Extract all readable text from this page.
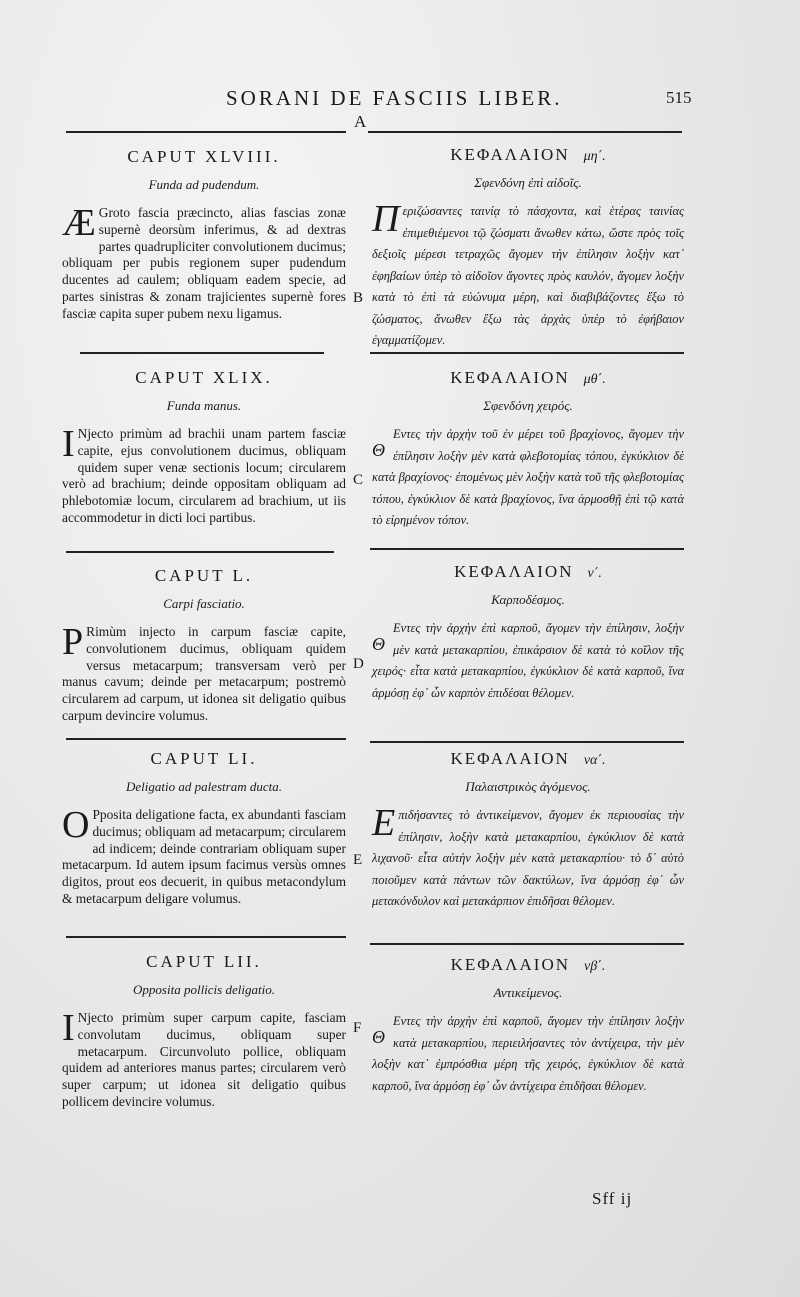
SORANI DE FASCIIS LIBER.	515
A

CAPUT XLVIII.

Funda ad pudendum.

Æ Groto fascia præcincto, alias fascias zonæ supernè deorsùm inferimus, & ad dextras partes quadrupliciter convolutionem ducimus; obliquam per pubis regionem super pudendum ducentes ad caulem; obliquam eadem specie, ad partes sinistras & zonam trajicientes supernè fores fasciæ capita super pubem nexu ligamus.

CAPUT XLIX.

Funda manus.

I Njecto primùm ad brachii unam partem fasciæ capite, ejus convolutionem ducimus, obliquam quidem super venæ sectionis locum; circularem verò ad brachium; deinde oppositam obliquam ad phlebotomiæ locum, circularem ad brachium, ut iis accommodetur in dicti loci partibus.

CAPUT L.

Carpi fasciatio.

P Rimùm injecto in carpum fasciæ capite, convolutionem ducimus, obliquam quidem versus metacarpum; transversam verò per manus cavum; deinde per metacarpum; postremò circularem ad carpum, ut idonea sit deligatio quibus carpum devincire volumus.

CAPUT LI.

Deligatio ad palestram ducta.

O Pposita deligatione facta, ex abundanti fasciam ducimus; obliquam ad metacarpum; circularem ad indicem; deinde contrariam obliquam super metacarpum. Id autem ipsum facimus versùs omnes digitos, prout eos decuerit, in quibus metacondylum & metacarpum deligare volumus.

CAPUT LII.

Opposita pollicis deligatio.

I Njecto primùm super carpum capite, fasciam convolutam ducimus, obliquam super metacarpum. Circunvoluto pollice, obliquam quidem ad anteriores manus partes; circularem verò super carpum; ut idonea sit deligatio quibus pollicem devincire volumus.

B
C
D
E
F

ΚΕΦΑΛΑΙΟΝ μη΄.

Σφενδόνη ἐπὶ αἰδοῖς.

Περιζώσαντες ταινίᾳ τὸ πάσχοντα, καὶ ἑτέρας ταινίας ἐπιμεθιέμενοι τῷ ζώσματι ἄνωθεν κάτω, ὥστε πρὸς τοῖς δεξιοῖς μέρεσι τετραχῶς ἄγομεν τὴν ἐπίλησιν λοξὴν κατ᾽ ἐφηβαίων ὑπὲρ τὸ αἰδοῖον ἄγοντες πρὸς καυλόν, ἄγομεν λοξὴν κατὰ τὸ ἐπὶ τὰ εὐώνυμα μέρη, καὶ διαβιβάζοντες ἔξω τὸ ζώσματος, ἄνωθεν ἔξω τὰς ἀρχὰς ὑπὲρ τὸ ἐφήβαιον ἐγαμματίζομεν.

ΚΕΦΑΛΑΙΟΝ μθ΄.

Σφενδόνη χειρός.

Θ
Εντες τὴν ἀρχὴν τοῦ ἐν μέρει τοῦ βραχίονος, ἄγομεν τὴν ἐπίλησιν λοξὴν μὲν κατὰ φλεβοτομίας τόπου, ἐγκύκλιον δὲ κατὰ βραχίονος· ἐπομένως μὲν λοξὴν κατὰ τοῦ τῆς φλεβοτομίας τόπου, ἐγκύκλιον δὲ κατὰ βραχίονος, ἵνα ἁρμοσθῇ ἐπὶ τῷ κατὰ τὸ εἰρημένον τόπον.

ΚΕΦΑΛΑΙΟΝ ν΄.

Καρποδέσμος.

Θ
Εντες τὴν ἀρχὴν ἐπὶ καρποῦ, ἄγομεν τὴν ἐπίλησιν, λοξὴν μὲν κατὰ μετακαρπίου, ἐπικάρσιον δὲ κατὰ τὸ κοῖλον τῆς χειρός· εἶτα κατὰ μετακαρπίου, ἐγκύκλιον δὲ κατὰ καρποῦ, ἵνα ἁρμόσῃ ἐφ᾽ ὧν καρπὸν ἐπιδέσαι θέλομεν.

ΚΕΦΑΛΑΙΟΝ να΄.

Παλαιστρικὸς ἀγόμενος.

Επιδήσαντες τὸ ἀντικείμενον, ἄγομεν ἐκ περιουσίας τὴν ἐπίλησιν, λοξὴν κατὰ μετακαρπίου, ἐγκύκλιον δὲ κατὰ λιχανοῦ· εἶτα αὐτὴν λοξὴν μὲν κατὰ μετακαρπίου· τὸ δ᾽ αὐτὸ ποιοῦμεν κατὰ πάντων τῶν δακτύλων, ἵνα ἁρμόσῃ ἐφ᾽ ὧν μετακόνδυλον καὶ μετακάρπιον ἐπιδῆσαι θέλομεν.

ΚΕΦΑΛΑΙΟΝ νβ΄.

Αντικείμενος.

Θ
Εντες τὴν ἀρχὴν ἐπὶ καρποῦ, ἄγομεν τὴν ἐπίλησιν λοξὴν κατὰ μετακαρπίου, περιειλήσαντες τὸν ἀντίχειρα, τὴν μὲν λοξὴν κατ᾽ ἐμπρόσθια μέρη τῆς χειρός, ἐγκύκλιον δὲ κατὰ καρποῦ, ἵνα ἁρμόσῃ ἐφ᾽ ὧν ἀντίχειρα ἐπιδῆσαι θέλομεν.

Sff ij
